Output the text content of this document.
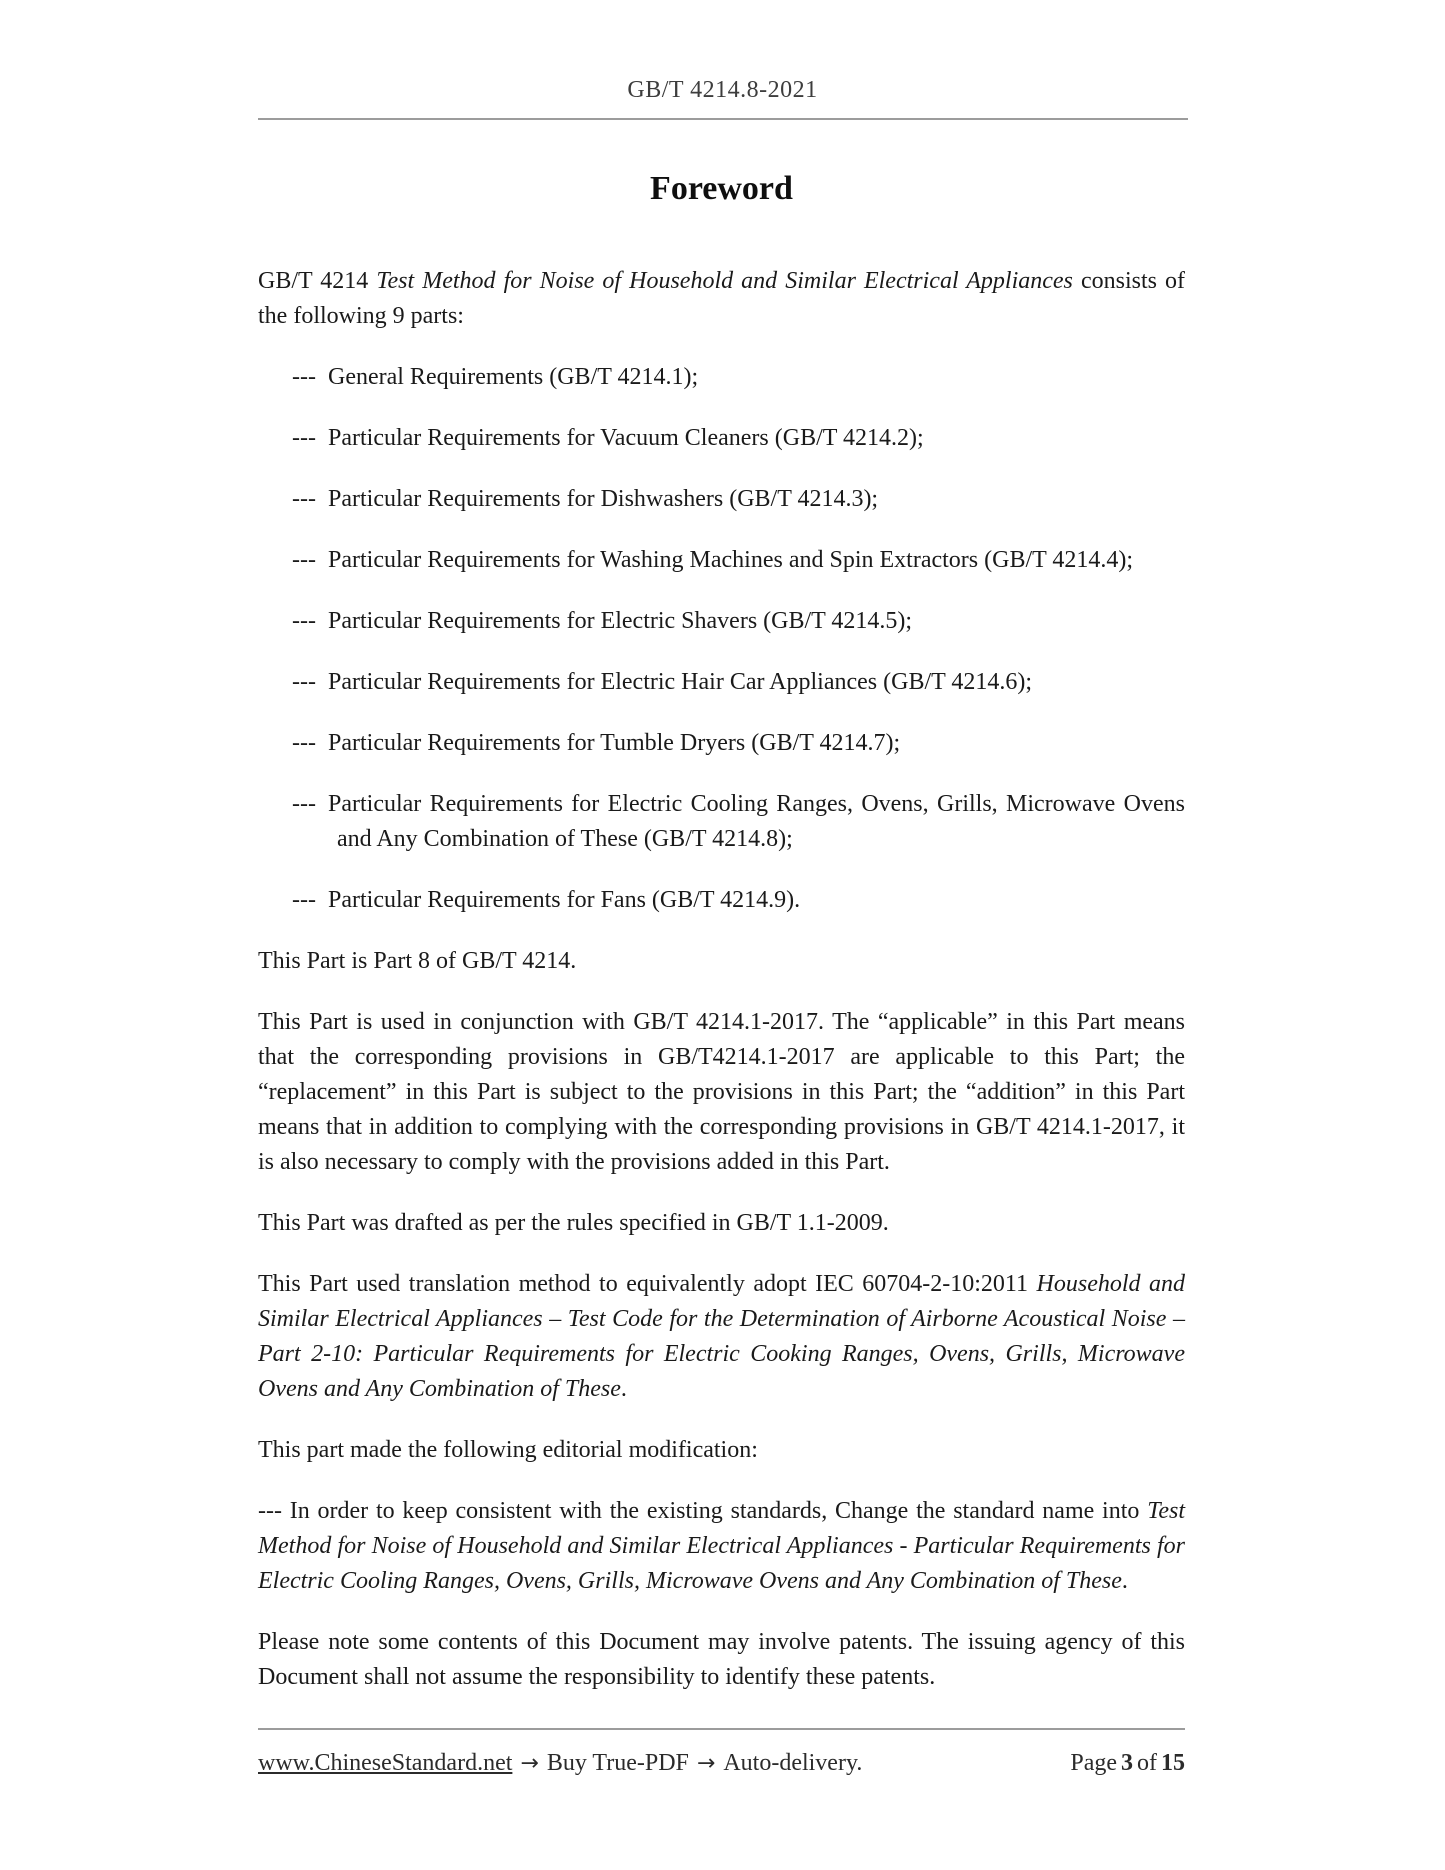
GB/T 4214.8-2021
Foreword

GB/T 4214 Test Method for Noise of Household and Similar Electrical Appliances consists of the following 9 parts:

--- General Requirements (GB/T 4214.1);
--- Particular Requirements for Vacuum Cleaners (GB/T 4214.2);
--- Particular Requirements for Dishwashers (GB/T 4214.3);
--- Particular Requirements for Washing Machines and Spin Extractors (GB/T 4214.4);
--- Particular Requirements for Electric Shavers (GB/T 4214.5);
--- Particular Requirements for Electric Hair Car Appliances (GB/T 4214.6);
--- Particular Requirements for Tumble Dryers (GB/T 4214.7);
--- Particular Requirements for Electric Cooling Ranges, Ovens, Grills, Microwave Ovens and Any Combination of These (GB/T 4214.8);
--- Particular Requirements for Fans (GB/T 4214.9).

This Part is Part 8 of GB/T 4214.

This Part is used in conjunction with GB/T 4214.1-2017. The “applicable” in this Part means that the corresponding provisions in GB/T4214.1-2017 are applicable to this Part; the “replacement” in this Part is subject to the provisions in this Part; the “addition” in this Part means that in addition to complying with the corresponding provisions in GB/T 4214.1-2017, it is also necessary to comply with the provisions added in this Part.

This Part was drafted as per the rules specified in GB/T 1.1-2009.

This Part used translation method to equivalently adopt IEC 60704-2-10:2011 Household and Similar Electrical Appliances – Test Code for the Determination of Airborne Acoustical Noise – Part 2-10: Particular Requirements for Electric Cooking Ranges, Ovens, Grills, Microwave Ovens and Any Combination of These.

This part made the following editorial modification:

--- In order to keep consistent with the existing standards, Change the standard name into Test Method for Noise of Household and Similar Electrical Appliances - Particular Requirements for Electric Cooling Ranges, Ovens, Grills, Microwave Ovens and Any Combination of These.

Please note some contents of this Document may involve patents. The issuing agency of this Document shall not assume the responsibility to identify these patents.

www.ChineseStandard.net → Buy True-PDF → Auto-delivery.	Page 3 of 15
